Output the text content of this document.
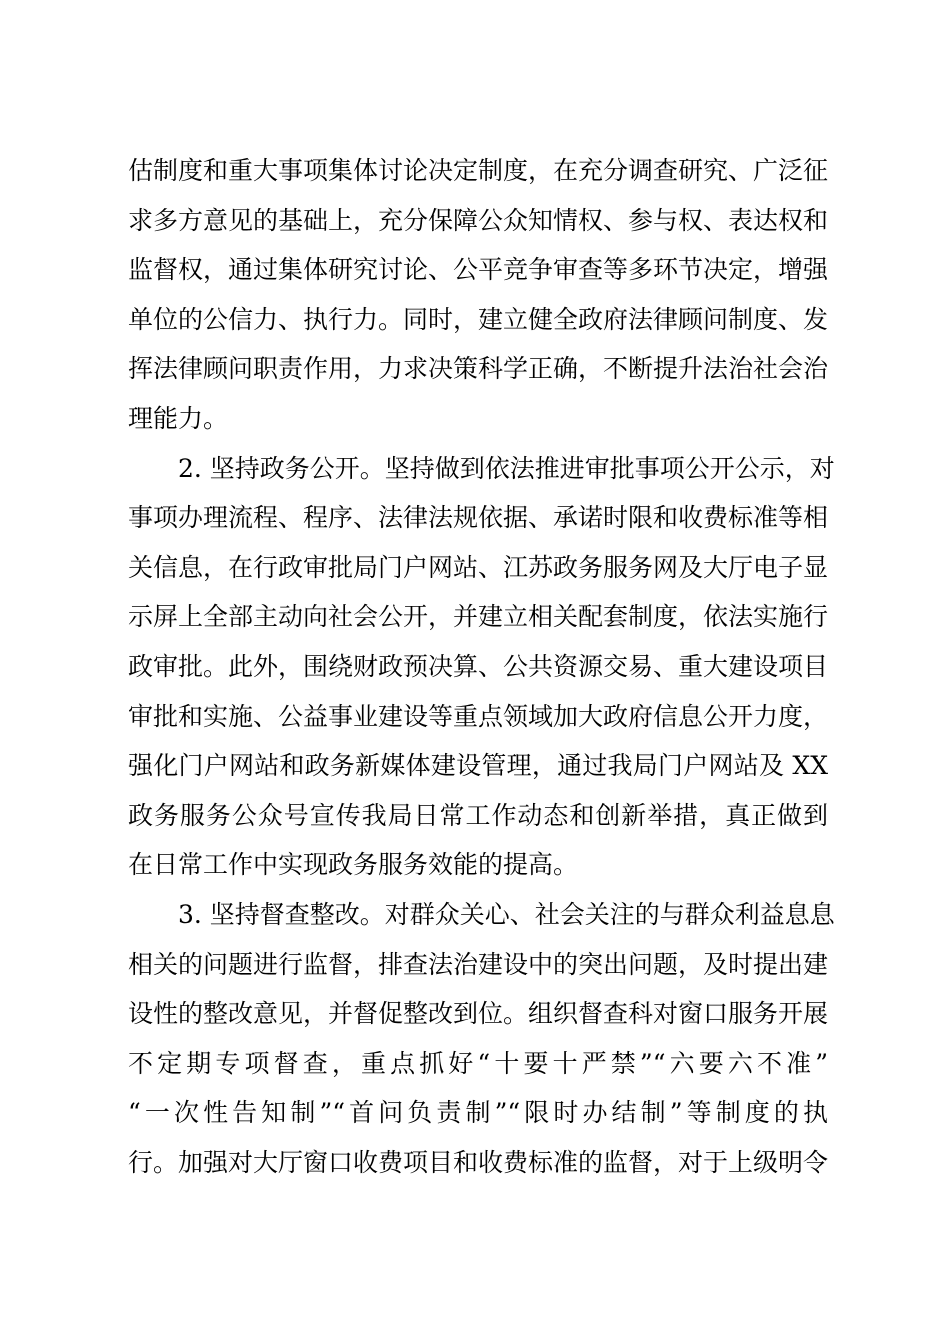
估制度和重大事项集体讨论决定制度，在充分调查研究、广泛征
求多方意见的基础上，充分保障公众知情权、参与权、表达权和
监督权，通过集体研究讨论、公平竞争审查等多环节决定，增强
单位的公信力、执行力。同时，建立健全政府法律顾问制度、发
挥法律顾问职责作用，力求决策科学正确，不断提升法治社会治
理能力。
2. 坚持政务公开。坚持做到依法推进审批事项公开公示，对
事项办理流程、程序、法律法规依据、承诺时限和收费标准等相
关信息，在行政审批局门户网站、江苏政务服务网及大厅电子显
示屏上全部主动向社会公开，并建立相关配套制度，依法实施行
政审批。此外，围绕财政预决算、公共资源交易、重大建设项目
审批和实施、公益事业建设等重点领域加大政府信息公开力度，
强化门户网站和政务新媒体建设管理，通过我局门户网站及 XX
政务服务公众号宣传我局日常工作动态和创新举措，真正做到
在日常工作中实现政务服务效能的提高。
3. 坚持督查整改。对群众关心、社会关注的与群众利益息息
相关的问题进行监督，排查法治建设中的突出问题，及时提出建
设性的整改意见，并督促整改到位。组织督查科对窗口服务开展
不定期专项督查，重点抓好“十要十严禁”“六要六不准”
“一次性告知制”“首问负责制”“限时办结制”等制度的执
行。加强对大厅窗口收费项目和收费标准的监督，对于上级明令
